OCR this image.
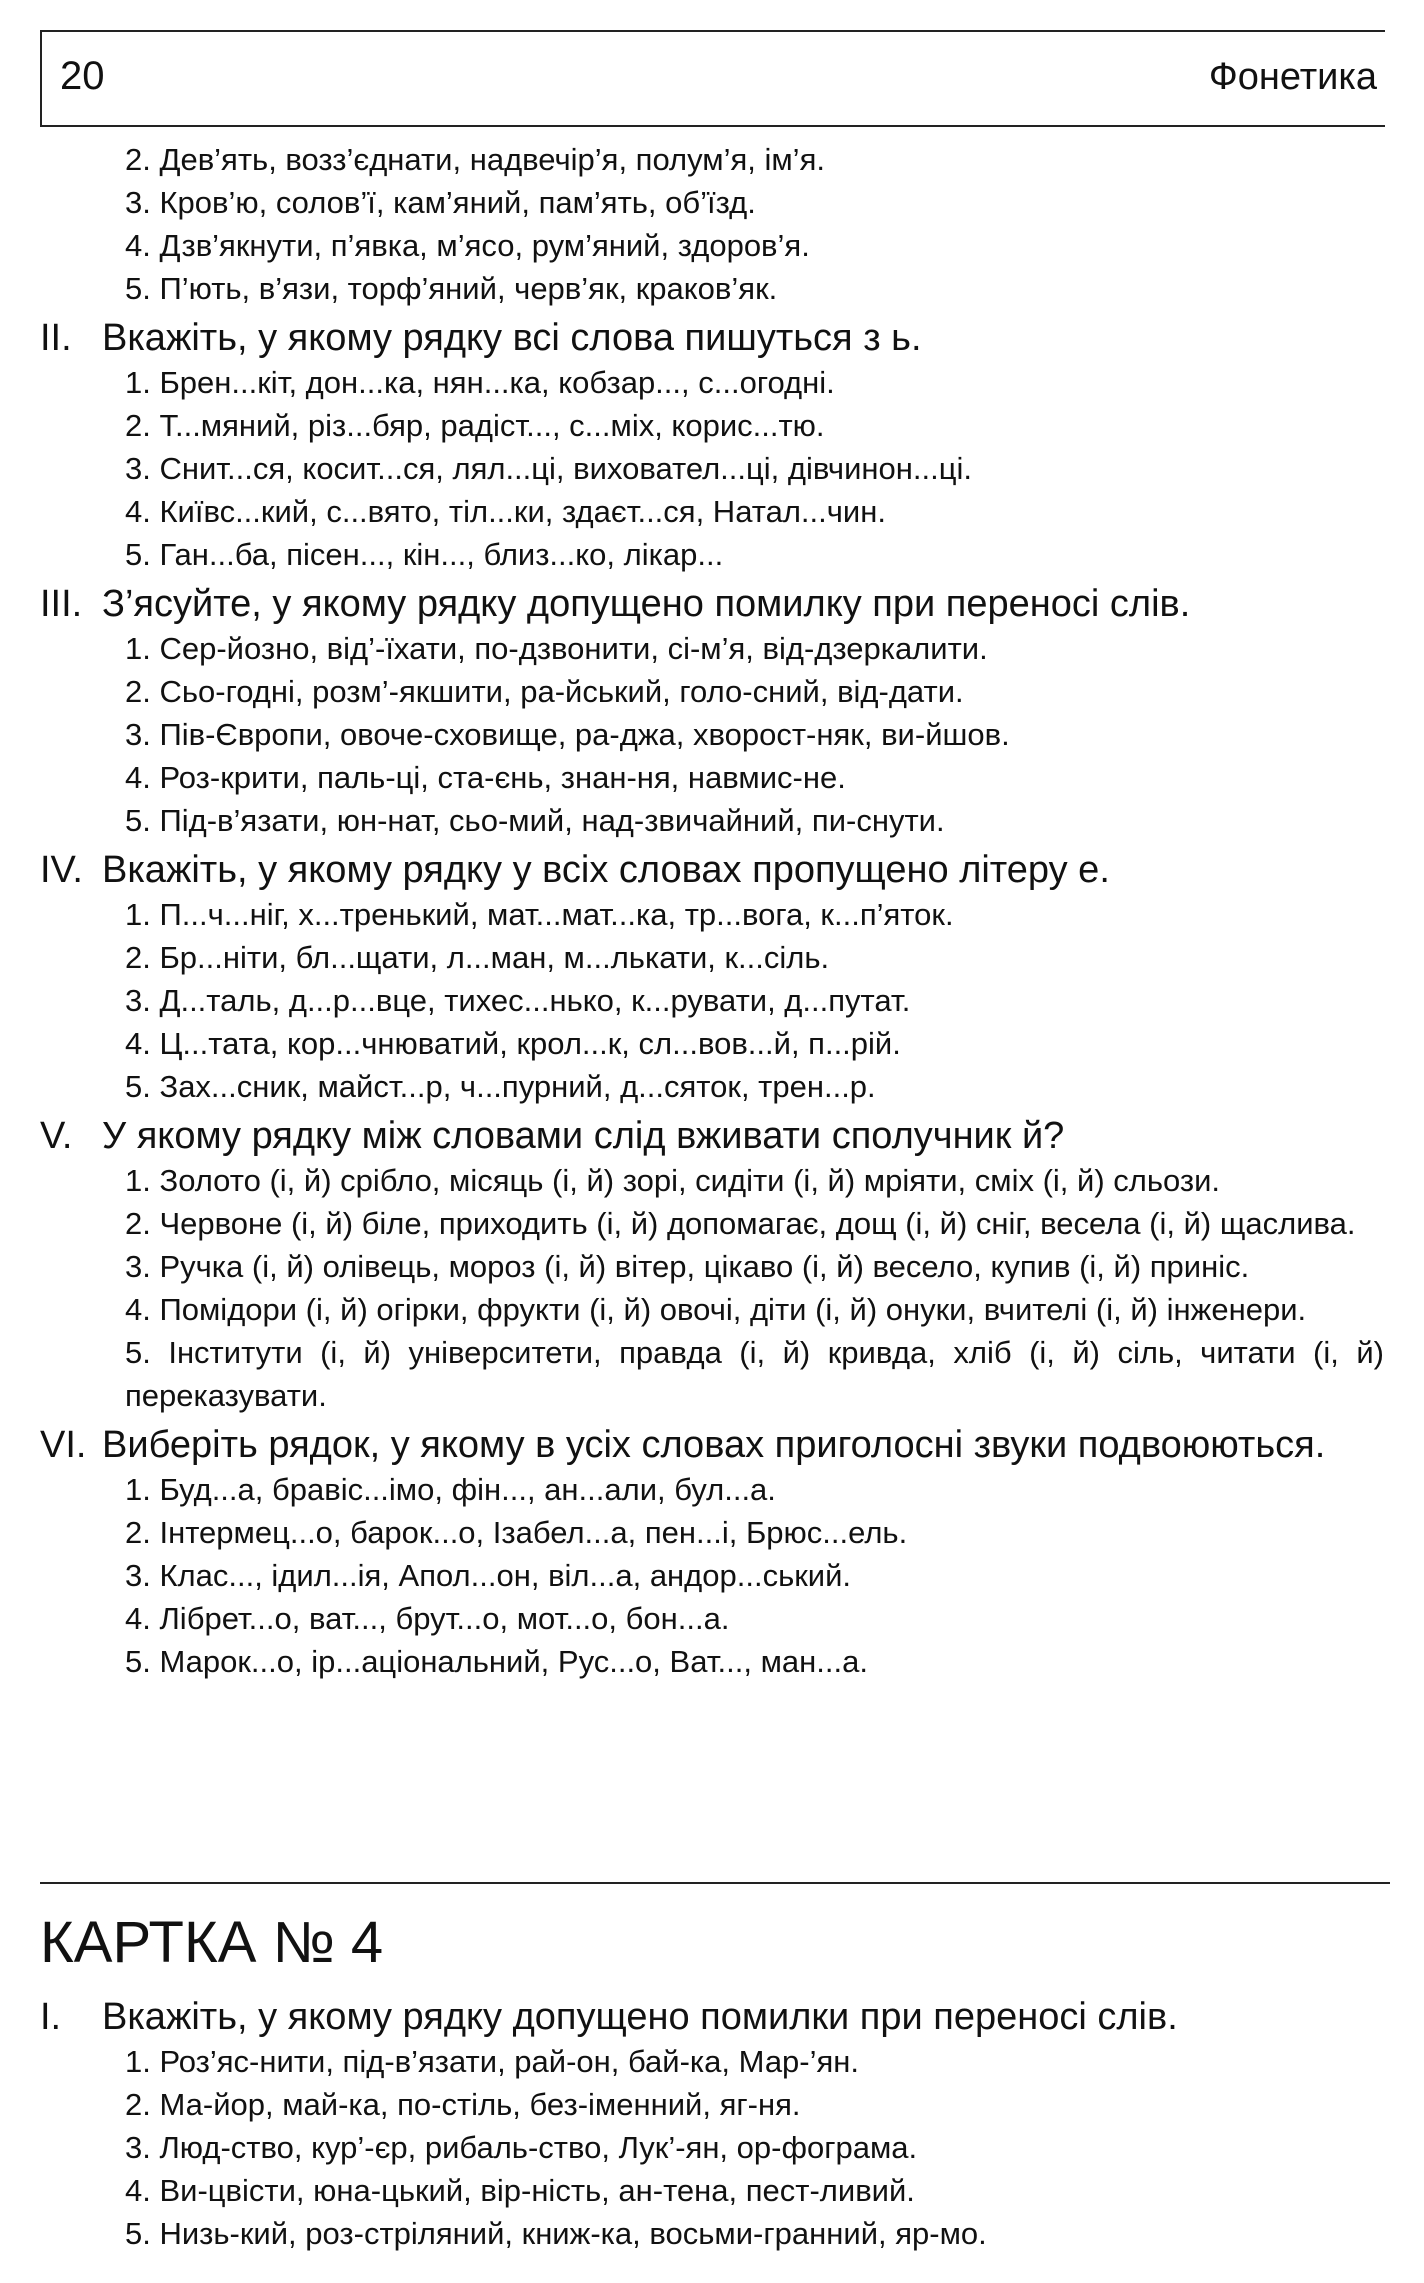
20	Фонетика
2. Дев’ять, возз’єднати, надвечір’я, полум’я, ім’я.
3. Кров’ю, солов’ї, кам’яний, пам’ять, об’їзд.
4. Дзв’якнути, п’явка, м’ясо, рум’яний, здоров’я.
5. П’ють, в’язи, торф’яний, черв’як, краков’як.
II. Вкажіть, у якому рядку всі слова пишуться з ь.
1. Брен...кіт, дон...ка, нян...ка, кобзар..., с...огодні.
2. Т...мяний, різ...бяр, радіст..., с...міх, корис...тю.
3. Снит...ся, косит...ся, лял...ці, виховател...ці, дівчинон...ці.
4. Київс...кий, с...вято, тіл...ки, здаєт...ся, Натал...чин.
5. Ган...ба, пісен..., кін..., близ...ко, лікар...
III. З’ясуйте, у якому рядку допущено помилку при переносі слів.
1. Сер-йозно, від’-їхати, по-дзвонити, сі-м’я, від-дзеркалити.
2. Сьо-годні, розм’-якшити, ра-йський, голо-сний, від-дати.
3. Пів-Європи, овоче-сховище, ра-джа, хворост-няк, ви-йшов.
4. Роз-крити, паль-ці, ста-єнь, знан-ня, навмис-не.
5. Під-в’язати, юн-нат, сьо-мий, над-звичайний, пи-снути.
IV. Вкажіть, у якому рядку у всіх словах пропущено літеру е.
1. П...ч...ніг, х...тренький, мат...мат...ка, тр...вога, к...п’яток.
2. Бр...ніти, бл...щати, л...ман, м...лькати, к...сіль.
3. Д...таль, д...р...вце, тихес...нько, к...рувати, д...путат.
4. Ц...тата, кор...чнюватий, крол...к, сл...вов...й, п...рій.
5. Зах...сник, майст...р, ч...пурний, д...сяток, трен...р.
V. У якому рядку між словами слід вживати сполучник й?
1. Золото (і, й) срібло, місяць (і, й) зорі, сидіти (і, й) мріяти, сміх (і, й) сльози.
2. Червоне (і, й) біле, приходить (і, й) допомагає, дощ (і, й) сніг, весела (і, й) щаслива.
3. Ручка (і, й) олівець, мороз (і, й) вітер, цікаво (і, й) весело, купив (і, й) приніс.
4. Помідори (і, й) огірки, фрукти (і, й) овочі, діти (і, й) онуки, вчителі (і, й) інженери.
5. Інститути (і, й) університети, правда (і, й) кривда, хліб (і, й) сіль, читати (і, й) переказувати.
VI. Виберіть рядок, у якому в усіх словах приголосні звуки подвоюються.
1. Буд...а, бравіс...імо, фін..., ан...али, бул...а.
2. Інтермец...о, барок...о, Ізабел...а, пен...і, Брюс...ель.
3. Клас..., ідил...ія, Апол...он, віл...а, андор...ський.
4. Лібрет...о, ват..., брут...о, мот...о, бон...а.
5. Марок...о, ір...аціональний, Рус...о, Ват..., ман...а.
КАРТКА № 4
I.	Вкажіть, у якому рядку допущено помилки при переносі слів.
1. Роз’яс-нити, під-в’язати, рай-он, бай-ка, Мар-’ян.
2. Ма-йор, май-ка, по-стіль, без-іменний, яг-ня.
3. Люд-ство, кур’-єр, рибаль-ство, Лук’-ян, ор-фограма.
4. Ви-цвісти, юна-цький, вір-ність, ан-тена, пест-ливий.
5. Низь-кий, роз-стріляний, книж-ка, восьми-гранний, яр-мо.
